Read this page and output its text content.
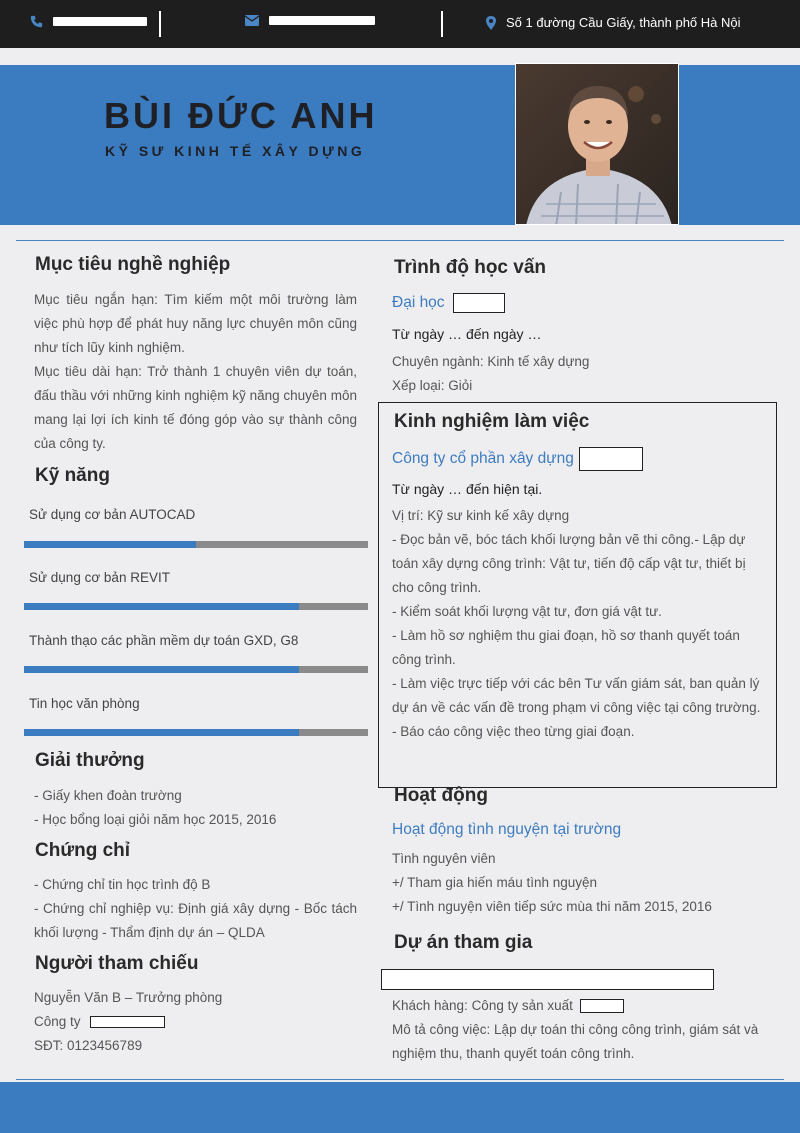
Số 1 đường Cầu Giấy, thành phố Hà Nội
BÙI ĐỨC ANH
KỸ SƯ KINH TẾ XÂY DỰNG
Mục tiêu nghề nghiệp
Mục tiêu ngắn hạn: Tìm kiếm một môi trường làm việc phù hợp để phát huy năng lực chuyên môn cũng như tích lũy kinh nghiệm.
Mục tiêu dài hạn: Trở thành 1 chuyên viên dự toán, đấu thầu với những kinh nghiệm kỹ năng chuyên môn mang lại lợi ích kinh tế đóng góp vào sự thành công của công ty.
Kỹ năng
Sử dụng cơ bản AUTOCAD
Sử dụng cơ bản REVIT
Thành thạo các phần mềm dự toán GXD, G8
Tin học văn phòng
Giải thưởng
- Giấy khen đoàn trường
- Học bổng loại giỏi năm học 2015, 2016
Chứng chỉ
- Chứng chỉ tin học trình độ B
- Chứng chỉ nghiệp vụ: Định giá xây dựng - Bốc tách khối lượng - Thẩm định dự án – QLDA
Người tham chiếu
Nguyễn Văn B – Trưởng phòng
Công ty
SĐT: 0123456789
Trình độ học vấn
Đại học
Từ ngày … đến ngày …
Chuyên ngành: Kinh tế xây dựng
Xếp loại: Giỏi
Kinh nghiệm làm việc
Công ty cổ phần xây dựng
Từ ngày … đến hiện tại.
Vị trí: Kỹ sư kinh kế xây dựng
- Đọc bản vẽ, bóc tách khối lượng bản vẽ thi công.- Lập dự toán xây dựng công trình: Vật tư, tiến độ cấp vật tư, thiết bị cho công trình.
- Kiểm soát khối lượng vật tư, đơn giá vật tư.
- Làm hồ sơ nghiệm thu giai đoạn, hồ sơ thanh quyết toán công trình.
- Làm việc trực tiếp với các bên Tư vấn giám sát, ban quản lý dự án về các vấn đề trong phạm vi công việc tại công trường.
- Báo cáo công việc theo từng giai đoạn.
Hoạt động
Hoạt động tình nguyện tại trường
Tình nguyên viên
+/ Tham gia hiến máu tình nguyện
+/ Tình nguyện viên tiếp sức mùa thi năm 2015, 2016
Dự án tham gia
Khách hàng: Công ty sản xuất
Mô tả công việc: Lập dự toán thi công công trình, giám sát và nghiệm thu, thanh quyết toán công trình.
